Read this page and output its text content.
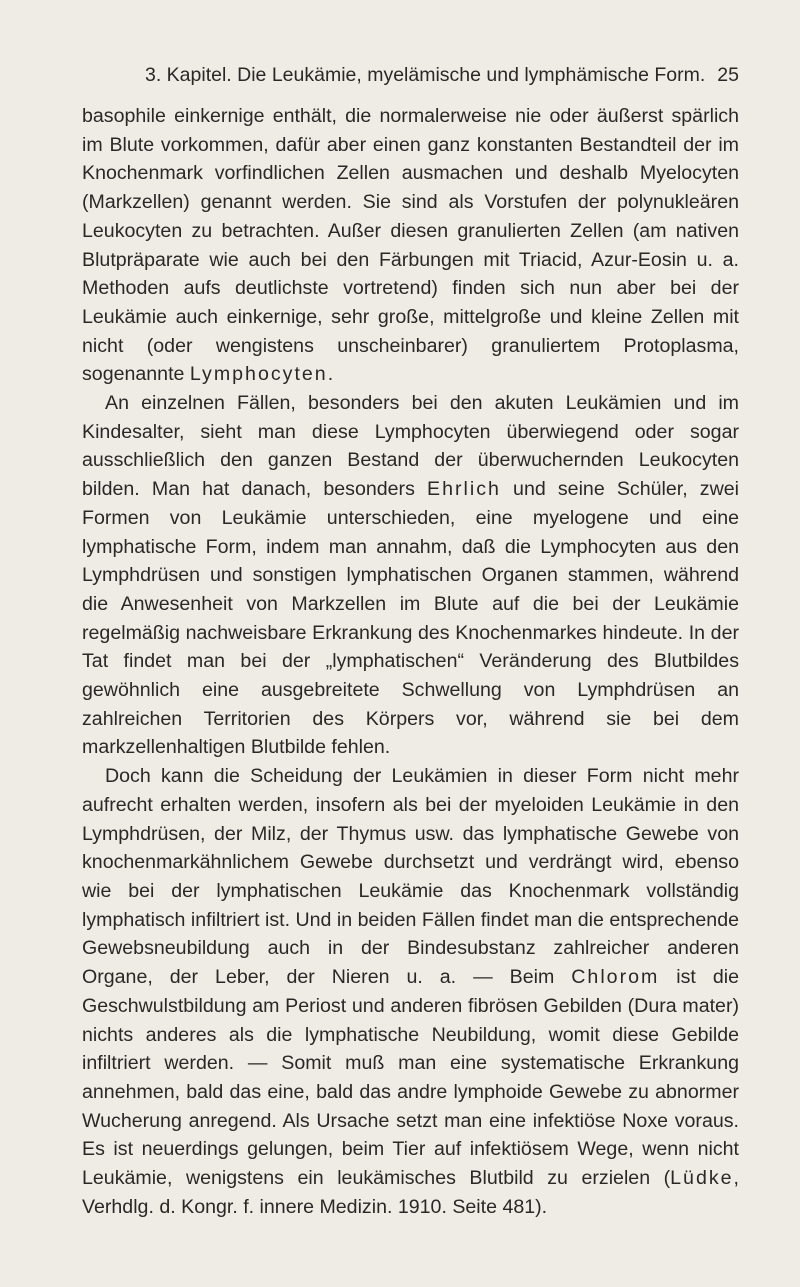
3. Kapitel. Die Leukämie, myelämische und lymphämische Form. 25

basophile einkernige enthält, die normalerweise nie oder äußerst spärlich im Blute vorkommen, dafür aber einen ganz konstanten Bestandteil der im Knochenmark vorfindlichen Zellen ausmachen und deshalb Myelocyten (Markzellen) genannt werden. Sie sind als Vorstufen der polynukleären Leukocyten zu betrachten. Außer diesen granulierten Zellen (am nativen Blutpräparate wie auch bei den Färbungen mit Triacid, Azur-Eosin u. a. Methoden aufs deutlichste vortretend) finden sich nun aber bei der Leukämie auch einkernige, sehr große, mittelgroße und kleine Zellen mit nicht (oder wengistens unscheinbarer) granuliertem Protoplasma, sogenannte Lymphocyten.

An einzelnen Fällen, besonders bei den akuten Leukämien und im Kindesalter, sieht man diese Lymphocyten überwiegend oder sogar ausschließlich den ganzen Bestand der überwuchernden Leukocyten bilden. Man hat danach, besonders Ehrlich und seine Schüler, zwei Formen von Leukämie unterschieden, eine myelogene und eine lymphatische Form, indem man annahm, daß die Lymphocyten aus den Lymphdrüsen und sonstigen lymphatischen Organen stammen, während die Anwesenheit von Markzellen im Blute auf die bei der Leukämie regelmäßig nachweisbare Erkrankung des Knochenmarkes hindeute. In der Tat findet man bei der „lymphatischen“ Veränderung des Blutbildes gewöhnlich eine ausgebreitete Schwellung von Lymphdrüsen an zahlreichen Territorien des Körpers vor, während sie bei dem markzellenhaltigen Blutbilde fehlen.

Doch kann die Scheidung der Leukämien in dieser Form nicht mehr aufrecht erhalten werden, insofern als bei der myeloiden Leukämie in den Lymphdrüsen, der Milz, der Thymus usw. das lymphatische Gewebe von knochenmarkähnlichem Gewebe durchsetzt und verdrängt wird, ebenso wie bei der lymphatischen Leukämie das Knochenmark vollständig lymphatisch infiltriert ist. Und in beiden Fällen findet man die entsprechende Gewebsneubildung auch in der Bindesubstanz zahlreicher anderen Organe, der Leber, der Nieren u. a. — Beim Chlorom ist die Geschwulstbildung am Periost und anderen fibrösen Gebilden (Dura mater) nichts anderes als die lymphatische Neubildung, womit diese Gebilde infiltriert werden. — Somit muß man eine systematische Erkrankung annehmen, bald das eine, bald das andre lymphoide Gewebe zu abnormer Wucherung anregend. Als Ursache setzt man eine infektiöse Noxe voraus. Es ist neuerdings gelungen, beim Tier auf infektiösem Wege, wenn nicht Leukämie, wenigstens ein leukämisches Blutbild zu erzielen (Lüdke, Verhdlg. d. Kongr. f. innere Medizin. 1910. Seite 481).
